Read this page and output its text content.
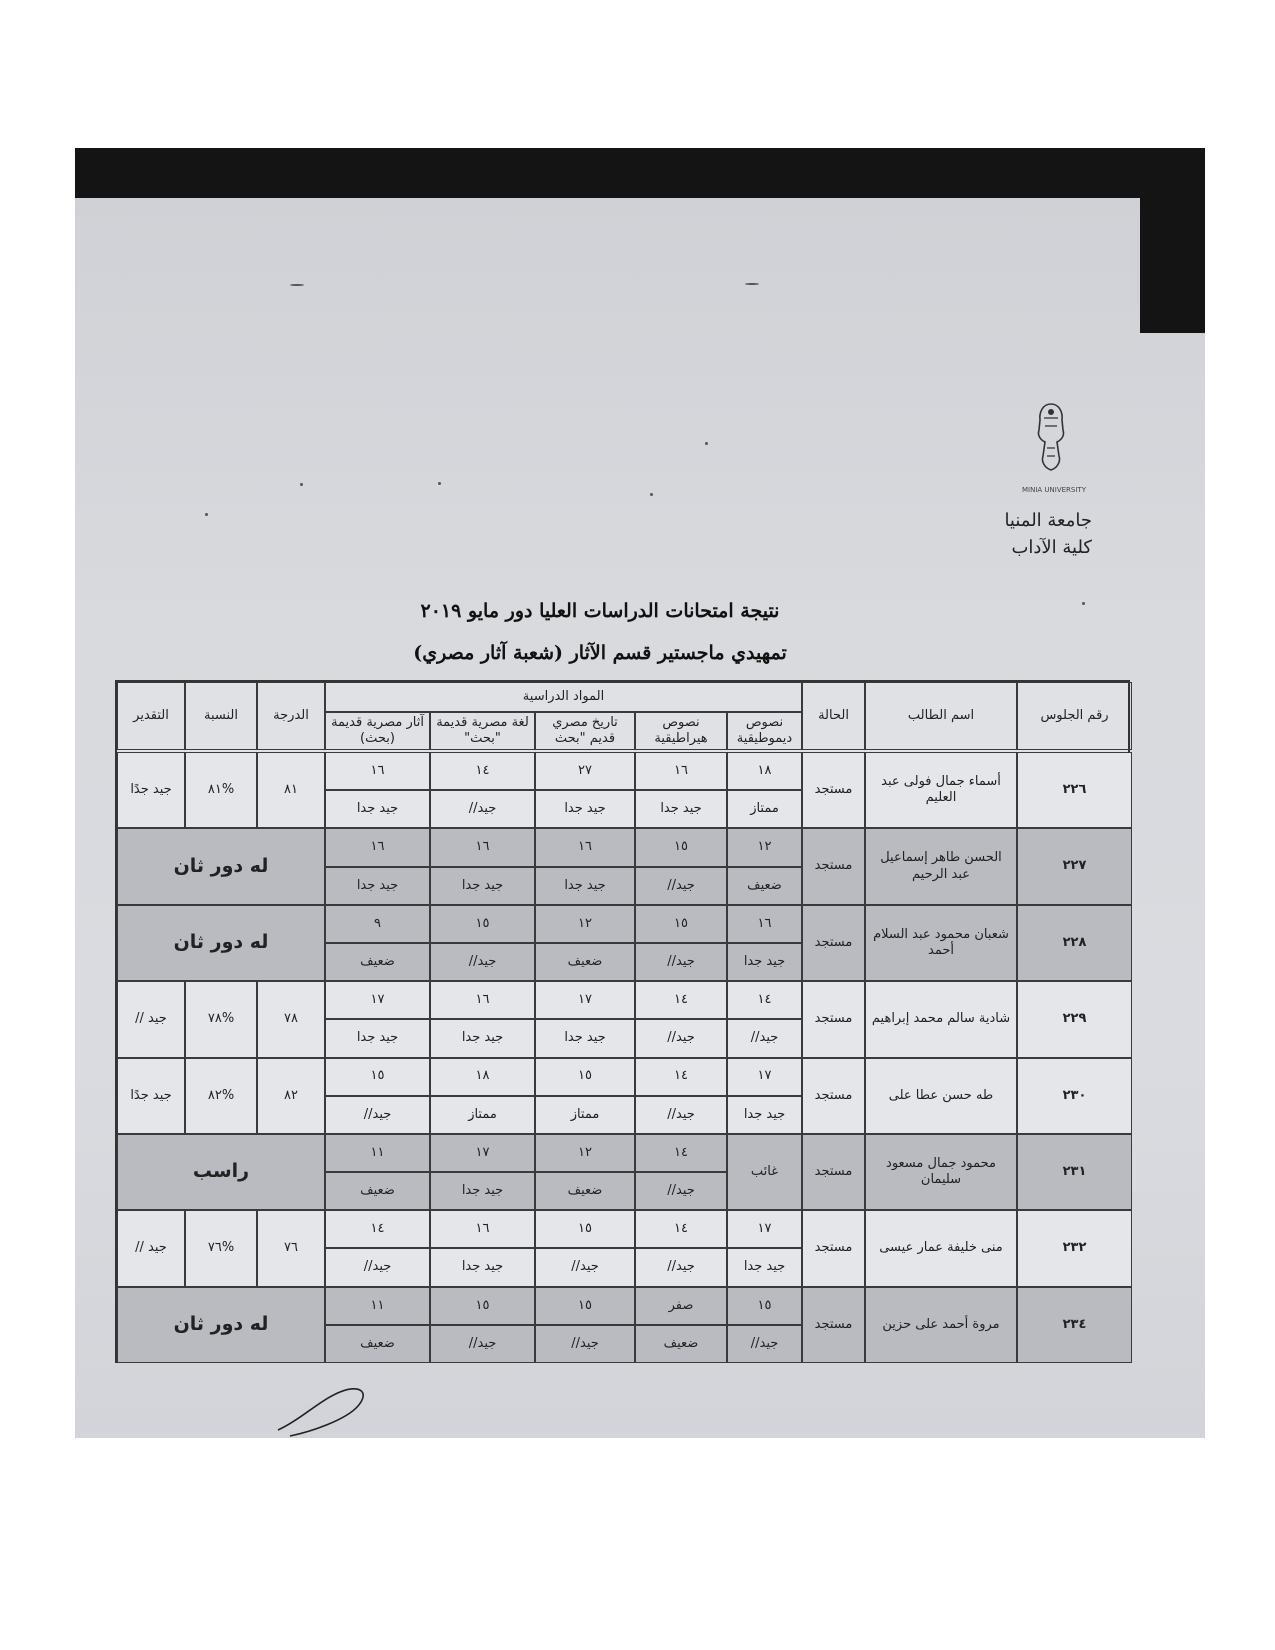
MINIA UNIVERSITY
جامعة المنيا
كلية الآداب
نتيجة امتحانات الدراسات العليا دور مايو ٢٠١٩
تمهيدي ماجستير قسم الآثار (شعبة آثار مصري)
رقم الجلوس
اسم الطالب
الحالة
المواد الدراسية
نصوص ديموطيقية
نصوص هيراطيقية
تاريخ مصري قديم "بحث
لغة مصرية قديمة "بحث"
آثار مصرية قديمة (بحث)
الدرجة
النسبة
التقدير
٢٢٦
أسماء جمال فولى عبد العليم
مستجد
١٨
ممتاز
١٦
جيد جدا
٢٧
جيد جدا
١٤
جيد//
١٦
جيد جدا
٨١
%٨١
جيد جدًا
٢٢٧
الحسن طاهر إسماعيل عبد الرحيم
مستجد
١٢
ضعيف
١٥
جيد//
١٦
جيد جدا
١٦
جيد جدا
١٦
جيد جدا
له دور ثان
٢٢٨
شعبان محمود عبد السلام أحمد
مستجد
١٦
جيد جدا
١٥
جيد//
١٢
ضعيف
١٥
جيد//
٩
ضعيف
له دور ثان
٢٢٩
شادية سالم محمد إبراهيم
مستجد
١٤
جيد//
١٤
جيد//
١٧
جيد جدا
١٦
جيد جدا
١٧
جيد جدا
٧٨
%٧٨
جيد //
٢٣٠
طه حسن عطا على
مستجد
١٧
جيد جدا
١٤
جيد//
١٥
ممتاز
١٨
ممتاز
١٥
جيد//
٨٢
%٨٢
جيد جدًا
٢٣١
محمود جمال مسعود سليمان
مستجد
غائب
١٤
جيد//
١٢
ضعيف
١٧
جيد جدا
١١
ضعيف
راسب
٢٣٢
منى خليفة عمار عيسى
مستجد
١٧
جيد جدا
١٤
جيد//
١٥
جيد//
١٦
جيد جدا
١٤
جيد//
٧٦
%٧٦
جيد //
٢٣٤
مروة أحمد على حزين
مستجد
١٥
جيد//
صفر
ضعيف
١٥
جيد//
١٥
جيد//
١١
ضعيف
له دور ثان
